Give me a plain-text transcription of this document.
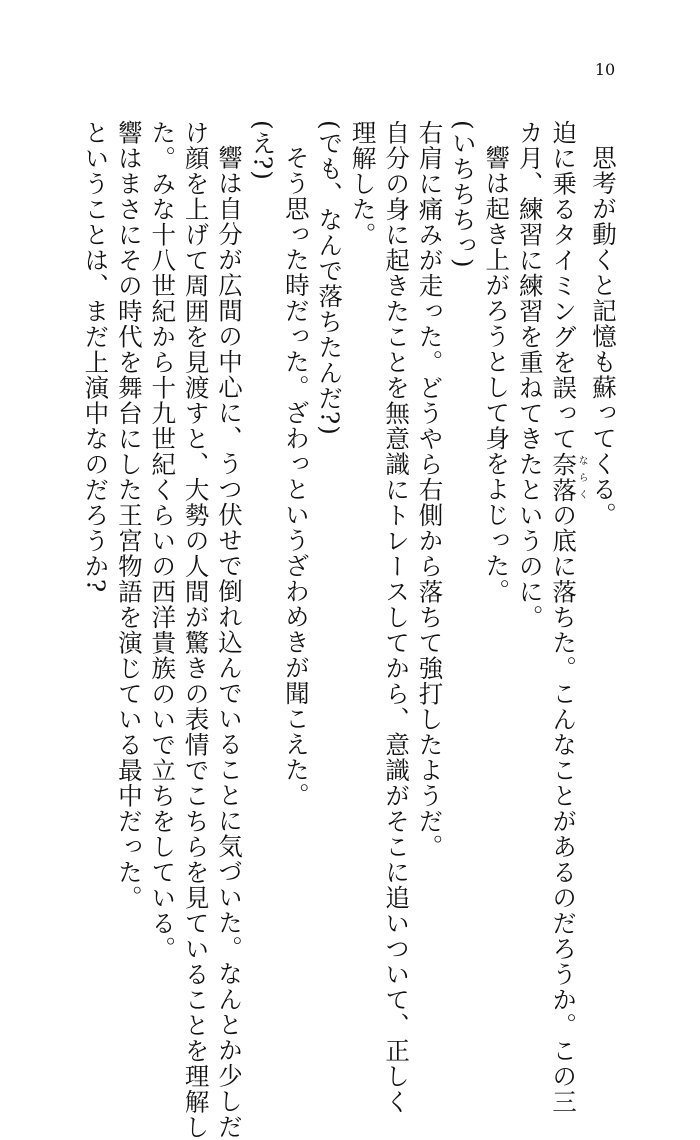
10
思考が動くと記憶も蘇ってくる。
迫に乗るタイミングを誤って奈落ならくの底に落ちた。こんなことがあるのだろうか。この三
カ月、練習に練習を重ねてきたというのに。
響は起き上がろうとして身をよじった。
(いちちちっ)
右肩に痛みが走った。どうやら右側から落ちて強打したようだ。
自分の身に起きたことを無意識にトレースしてから、意識がそこに追いついて、正しく
理解した。
(でも、なんで落ちたんだ?)
そう思った時だった。ざわっというざわめきが聞こえた。
(え?)
響は自分が広間の中心に、うつ伏せで倒れ込んでいることに気づいた。なんとか少しだ
け顔を上げて周囲を見渡すと、大勢の人間が驚きの表情でこちらを見ていることを理解し
た。みな十八世紀から十九世紀くらいの西洋貴族のいで立ちをしている。
響はまさにその時代を舞台にした王宮物語を演じている最中だった。
ということは、まだ上演中なのだろうか?
